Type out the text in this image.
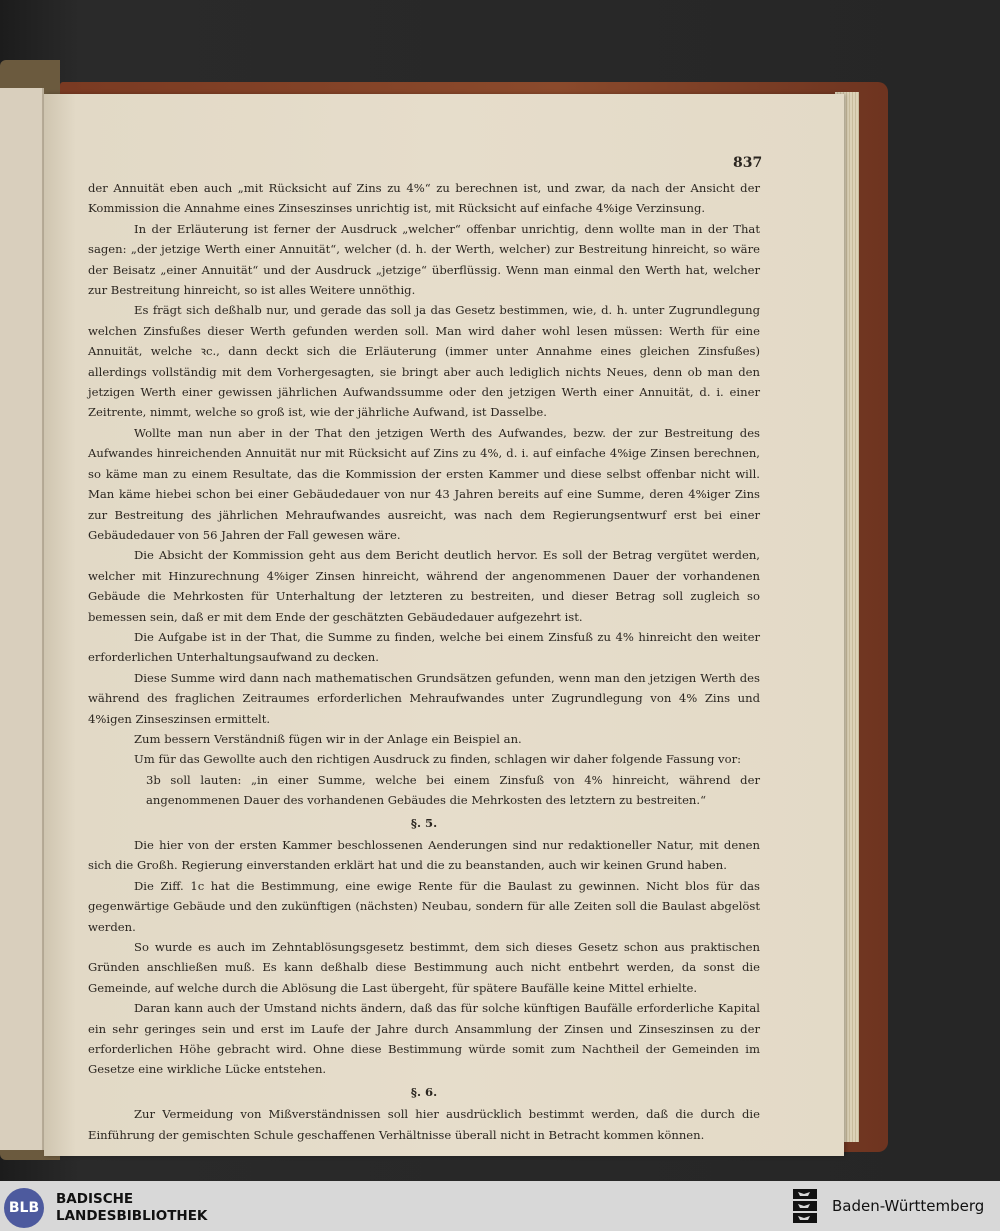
837

der Annuität eben auch „mit Rücksicht auf Zins zu 4%“ zu berechnen ist, und zwar, da nach der Ansicht der Kommission die Annahme eines Zinseszinses unrichtig ist, mit Rücksicht auf einfache 4%ige Verzinsung.

In der Erläuterung ist ferner der Ausdruck „welcher“ offenbar unrichtig, denn wollte man in der That sagen: „der jetzige Werth einer Annuität“, welcher (d. h. der Werth, welcher) zur Bestreitung hinreicht, so wäre der Beisatz „einer Annuität“ und der Ausdruck „jetzige“ überflüssig. Wenn man einmal den Werth hat, welcher zur Bestreitung hinreicht, so ist alles Weitere unnöthig.

Es frägt sich deßhalb nur, und gerade das soll ja das Gesetz bestimmen, wie, d. h. unter Zugrundlegung welchen Zinsfußes dieser Werth gefunden werden soll. Man wird daher wohl lesen müssen: Werth für eine Annuität, welche ꝛc., dann deckt sich die Erläuterung (immer unter Annahme eines gleichen Zinsfußes) allerdings vollständig mit dem Vorhergesagten, sie bringt aber auch lediglich nichts Neues, denn ob man den jetzigen Werth einer gewissen jährlichen Aufwandssumme oder den jetzigen Werth einer Annuität, d. i. einer Zeitrente, nimmt, welche so groß ist, wie der jährliche Aufwand, ist Dasselbe.

Wollte man nun aber in der That den jetzigen Werth des Aufwandes, bezw. der zur Bestreitung des Aufwandes hinreichenden Annuität nur mit Rücksicht auf Zins zu 4%, d. i. auf einfache 4%ige Zinsen berechnen, so käme man zu einem Resultate, das die Kommission der ersten Kammer und diese selbst offenbar nicht will. Man käme hiebei schon bei einer Gebäudedauer von nur 43 Jahren bereits auf eine Summe, deren 4%iger Zins zur Bestreitung des jährlichen Mehraufwandes ausreicht, was nach dem Regierungsentwurf erst bei einer Gebäudedauer von 56 Jahren der Fall gewesen wäre.

Die Absicht der Kommission geht aus dem Bericht deutlich hervor. Es soll der Betrag vergütet werden, welcher mit Hinzurechnung 4%iger Zinsen hinreicht, während der angenommenen Dauer der vorhandenen Gebäude die Mehrkosten für Unterhaltung der letzteren zu bestreiten, und dieser Betrag soll zugleich so bemessen sein, daß er mit dem Ende der geschätzten Gebäudedauer aufgezehrt ist.

Die Aufgabe ist in der That, die Summe zu finden, welche bei einem Zinsfuß zu 4% hinreicht den weiter erforderlichen Unterhaltungsaufwand zu decken.

Diese Summe wird dann nach mathematischen Grundsätzen gefunden, wenn man den jetzigen Werth des während des fraglichen Zeitraumes erforderlichen Mehraufwandes unter Zugrundlegung von 4% Zins und 4%igen Zinseszinsen ermittelt.

Zum bessern Verständniß fügen wir in der Anlage ein Beispiel an.

Um für das Gewollte auch den richtigen Ausdruck zu finden, schlagen wir daher folgende Fassung vor:

3b soll lauten: „in einer Summe, welche bei einem Zinsfuß von 4% hinreicht, während der angenommenen Dauer des vorhandenen Gebäudes die Mehrkosten des letztern zu bestreiten.“

§. 5.

Die hier von der ersten Kammer beschlossenen Aenderungen sind nur redaktioneller Natur, mit denen sich die Großh. Regierung einverstanden erklärt hat und die zu beanstanden, auch wir keinen Grund haben.

Die Ziff. 1c hat die Bestimmung, eine ewige Rente für die Baulast zu gewinnen. Nicht blos für das gegenwärtige Gebäude und den zukünftigen (nächsten) Neubau, sondern für alle Zeiten soll die Baulast abgelöst werden.

So wurde es auch im Zehntablösungsgesetz bestimmt, dem sich dieses Gesetz schon aus praktischen Gründen anschließen muß. Es kann deßhalb diese Bestimmung auch nicht entbehrt werden, da sonst die Gemeinde, auf welche durch die Ablösung die Last übergeht, für spätere Baufälle keine Mittel erhielte.

Daran kann auch der Umstand nichts ändern, daß das für solche künftigen Baufälle erforderliche Kapital ein sehr geringes sein und erst im Laufe der Jahre durch Ansammlung der Zinsen und Zinseszinsen zu der erforderlichen Höhe gebracht wird. Ohne diese Bestimmung würde somit zum Nachtheil der Gemeinden im Gesetze eine wirkliche Lücke entstehen.

§. 6.

Zur Vermeidung von Mißverständnissen soll hier ausdrücklich bestimmt werden, daß die durch die Einführung der gemischten Schule geschaffenen Verhältnisse überall nicht in Betracht kommen können.

BLB
BADISCHE
LANDESBIBLIOTHEK
Baden-Württemberg
